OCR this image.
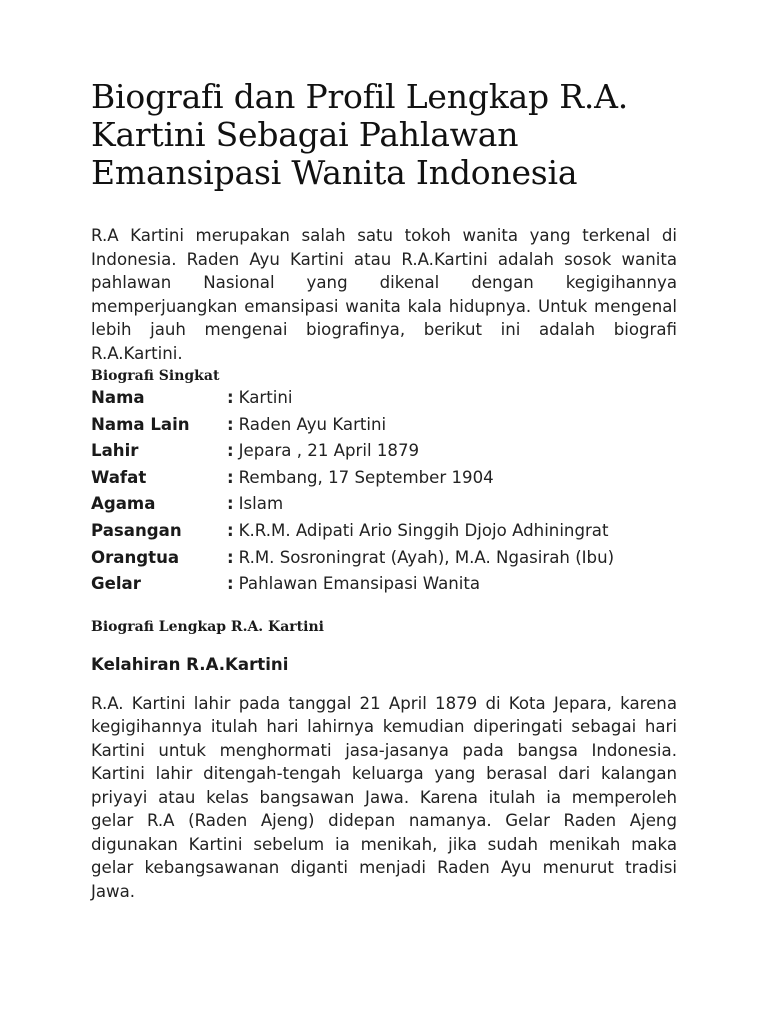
Biografi dan Profil Lengkap R.A. Kartini Sebagai Pahlawan Emansipasi Wanita Indonesia

R.A Kartini merupakan salah satu tokoh wanita yang terkenal di Indonesia. Raden Ayu Kartini atau R.A.Kartini adalah sosok wanita pahlawan Nasional yang dikenal dengan kegigihannya memperjuangkan emansipasi wanita kala hidupnya. Untuk mengenal lebih jauh mengenai biografinya, berikut ini adalah biografi R.A.Kartini.

Biografi Singkat
Nama	: Kartini
Nama Lain	: Raden Ayu Kartini
Lahir	: Jepara , 21 April 1879
Wafat	: Rembang, 17 September 1904
Agama	: Islam
Pasangan	: K.R.M. Adipati Ario Singgih Djojo Adhiningrat
Orangtua	: R.M. Sosroningrat (Ayah), M.A. Ngasirah (Ibu)
Gelar	: Pahlawan Emansipasi Wanita
Biografi Lengkap R.A. Kartini
Kelahiran R.A.Kartini

R.A. Kartini lahir pada tanggal 21 April 1879 di Kota Jepara, karena kegigihannya itulah hari lahirnya kemudian diperingati sebagai hari Kartini untuk menghormati jasa-jasanya pada bangsa Indonesia. Kartini lahir ditengah-tengah keluarga yang berasal dari kalangan priyayi atau kelas bangsawan Jawa. Karena itulah ia memperoleh gelar R.A (Raden Ajeng) didepan namanya. Gelar Raden Ajeng digunakan Kartini sebelum ia menikah, jika sudah menikah maka gelar kebangsawanan diganti menjadi Raden Ayu menurut tradisi Jawa.
